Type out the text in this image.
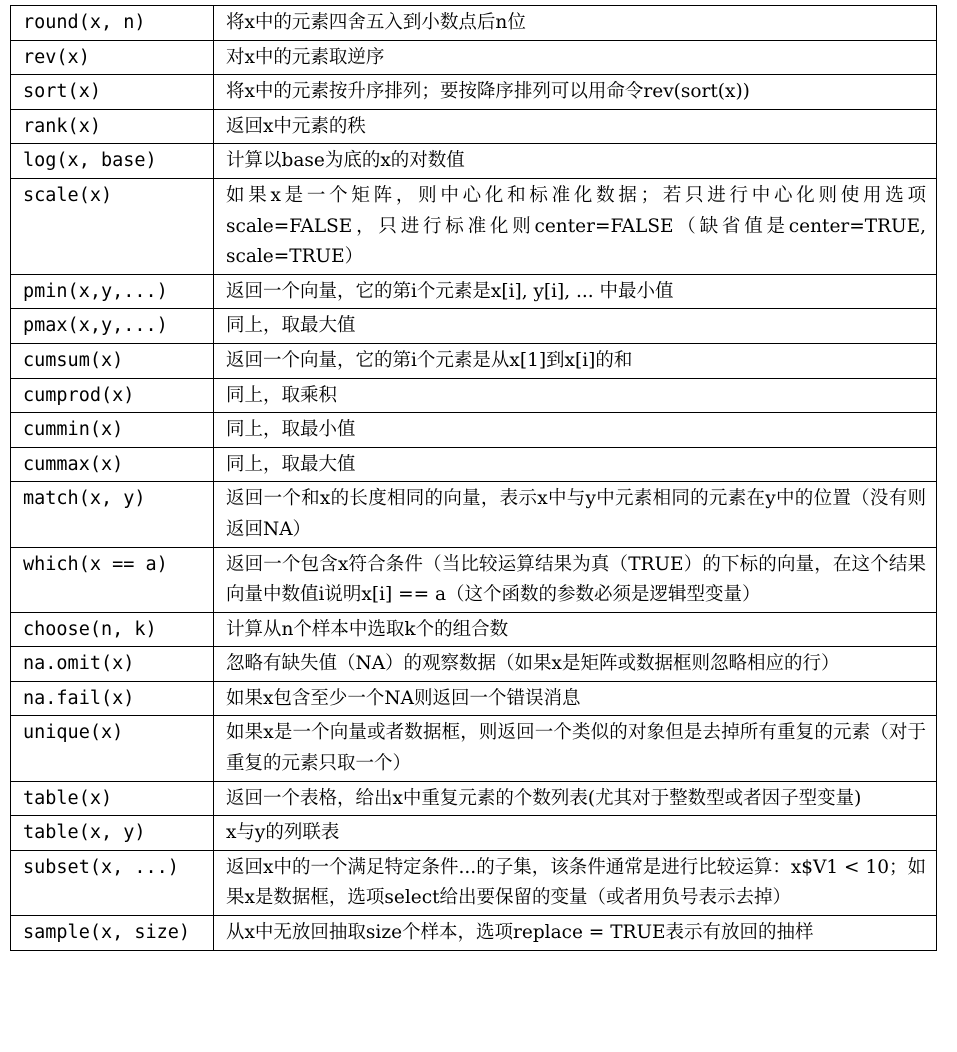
round(x, n)	将x中的元素四舍五入到小数点后n位
rev(x)	对x中的元素取逆序
sort(x)	将x中的元素按升序排列；要按降序排列可以用命令rev(sort(x))
rank(x)	返回x中元素的秩
log(x, base)	计算以base为底的x的对数值
scale(x)	如果x是一个矩阵，则中心化和标准化数据；若只进行中心化则使用选项scale=FALSE，只进行标准化则center=FALSE（缺省值是center=TRUE, scale=TRUE）
pmin(x,y,...)	返回一个向量，它的第i个元素是x[i], y[i], ... 中最小值
pmax(x,y,...)	同上，取最大值
cumsum(x)	返回一个向量，它的第i个元素是从x[1]到x[i]的和
cumprod(x)	同上，取乘积
cummin(x)	同上，取最小值
cummax(x)	同上，取最大值
match(x, y)	返回一个和x的长度相同的向量，表示x中与y中元素相同的元素在y中的位置（没有则返回NA）
which(x == a)	返回一个包含x符合条件（当比较运算结果为真（TRUE）的下标的向量，在这个结果向量中数值i说明x[i] == a（这个函数的参数必须是逻辑型变量）
choose(n, k)	计算从n个样本中选取k个的组合数
na.omit(x)	忽略有缺失值（NA）的观察数据（如果x是矩阵或数据框则忽略相应的行）
na.fail(x)	如果x包含至少一个NA则返回一个错误消息
unique(x)	如果x是一个向量或者数据框，则返回一个类似的对象但是去掉所有重复的元素（对于重复的元素只取一个）
table(x)	返回一个表格，给出x中重复元素的个数列表(尤其对于整数型或者因子型变量)
table(x, y)	x与y的列联表
subset(x, ...)	返回x中的一个满足特定条件...的子集，该条件通常是进行比较运算：x$V1 < 10；如果x是数据框，选项select给出要保留的变量（或者用负号表示去掉）
sample(x, size)	从x中无放回抽取size个样本，选项replace = TRUE表示有放回的抽样
